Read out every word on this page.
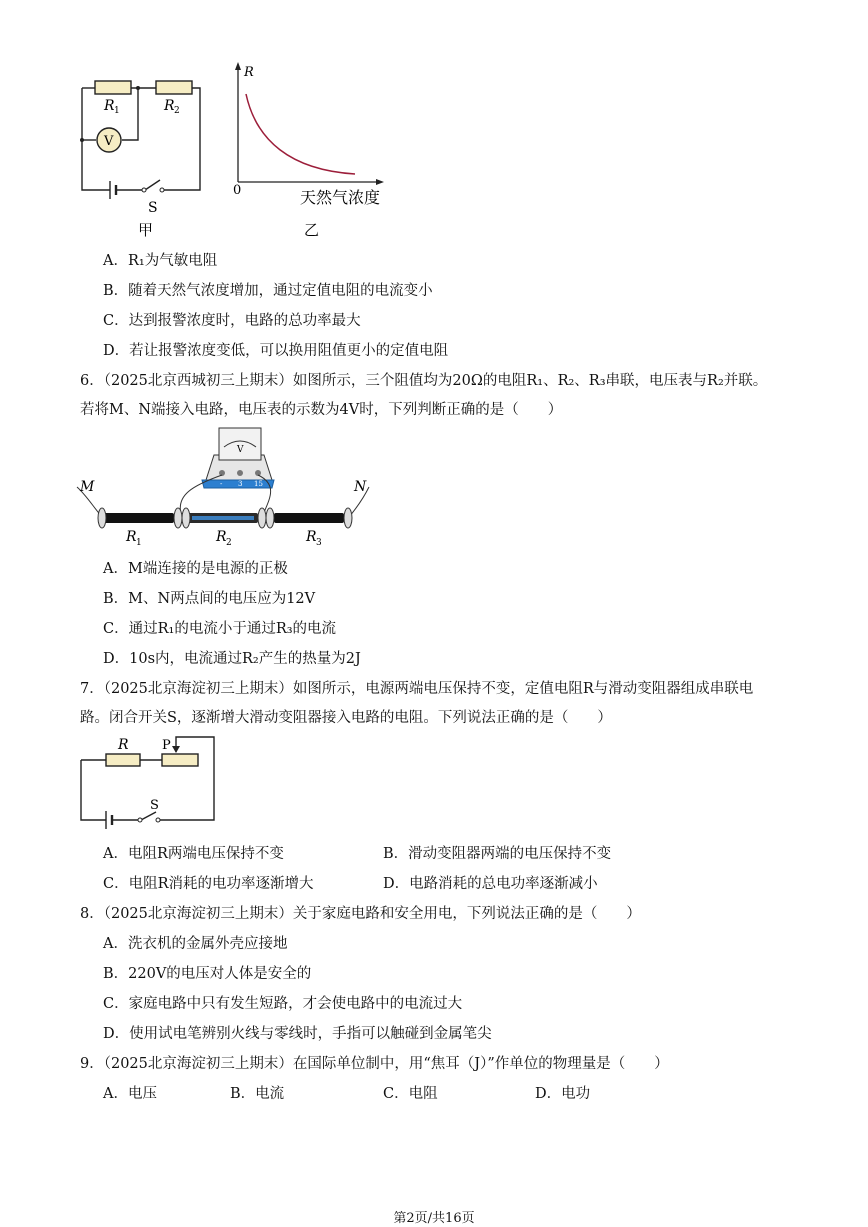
R 1	R 2
V
S
甲
R
0	天然气浓度
乙
A．R₁为气敏电阻
B．随着天然气浓度增加，通过定值电阻的电流变小
C．达到报警浓度时，电路的总功率最大
D．若让报警浓度变低，可以换用阻值更小的定值电阻
6．（2025北京西城初三上期末）如图所示，三个阻值均为20Ω的电阻R₁、R₂、R₃串联，电压表与R₂并联。
若将M、N端接入电路，电压表的示数为4V时，下列判断正确的是（　　）
V
- 3 15
M	N
R 1	R 2	R 3
A．M端连接的是电源的正极
B．M、N两点间的电压应为12V
C．通过R₁的电流小于通过R₃的电流
D．10s内，电流通过R₂产生的热量为2J
7．（2025北京海淀初三上期末）如图所示，电源两端电压保持不变，定值电阻R与滑动变阻器组成串联电
路。闭合开关S，逐渐增大滑动变阻器接入电路的电阻。下列说法正确的是（　　）
R	P
S
A．电阻R两端电压保持不变	B．滑动变阻器两端的电压保持不变
C．电阻R消耗的电功率逐渐增大	D．电路消耗的总电功率逐渐减小
8．（2025北京海淀初三上期末）关于家庭电路和安全用电，下列说法正确的是（　　）
A．洗衣机的金属外壳应接地
B．220V的电压对人体是安全的
C．家庭电路中只有发生短路，才会使电路中的电流过大
D．使用试电笔辨别火线与零线时，手指可以触碰到金属笔尖
9．（2025北京海淀初三上期末）在国际单位制中，用“焦耳（J）”作单位的物理量是（　　）
A．电压	B．电流	C．电阻	D．电功
第2页/共16页
